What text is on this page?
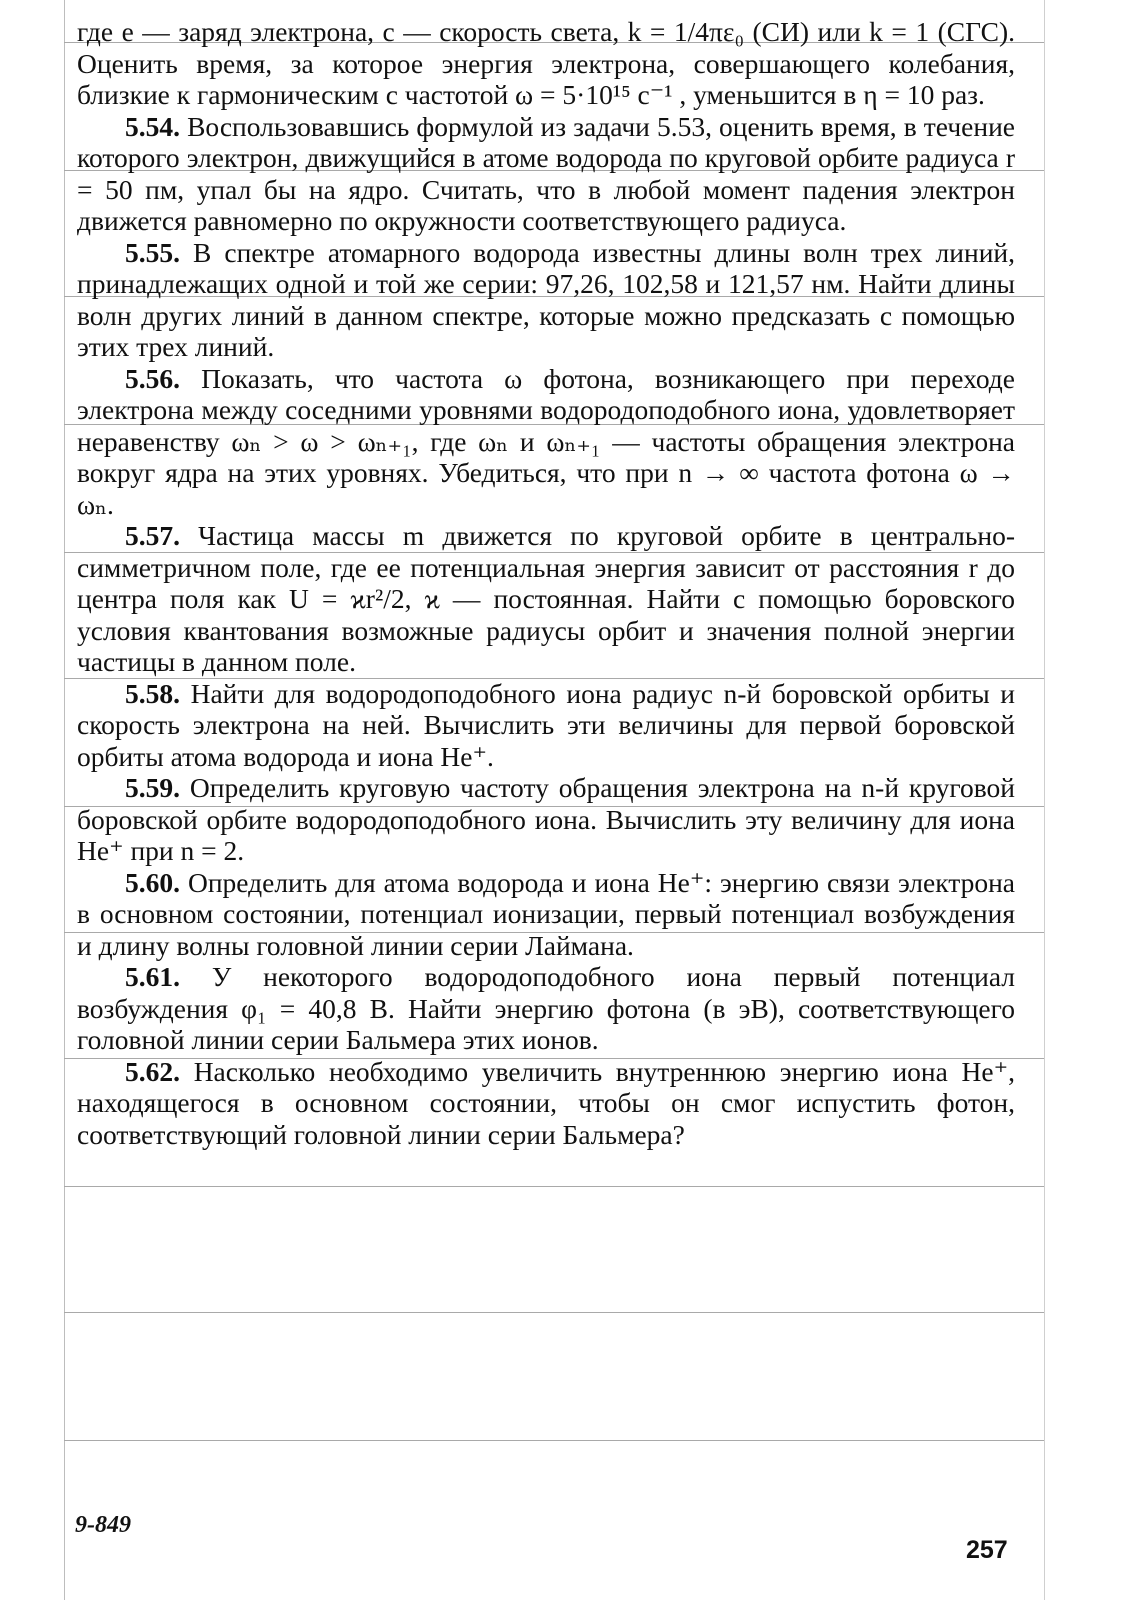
где e — заряд электрона, c — скорость света, k = 1/4πε₀ (СИ) или k = 1 (СГС). Оценить время, за которое энергия электрона, совершающего колебания, близкие к гармоническим с частотой ω = 5·10¹⁵ с⁻¹ , уменьшится в η = 10 раз.

5.54. Воспользовавшись формулой из задачи 5.53, оценить время, в течение которого электрон, движущийся в атоме водорода по круговой орбите радиуса r = 50 пм, упал бы на ядро. Считать, что в любой момент падения электрон движется равномерно по окружности соответствующего радиуса.

5.55. В спектре атомарного водорода известны длины волн трех линий, принадлежащих одной и той же серии: 97,26, 102,58 и 121,57 нм. Найти длины волн других линий в данном спектре, которые можно предсказать с помощью этих трех линий.

5.56. Показать, что частота ω фотона, возникающего при переходе электрона между соседними уровнями водородоподобного иона, удовлетворяет неравенству ωₙ > ω > ωₙ₊₁, где ωₙ и ωₙ₊₁ — частоты обращения электрона вокруг ядра на этих уровнях. Убедиться, что при n → ∞ частота фотона ω → ωₙ.

5.57. Частица массы m движется по круговой орбите в центрально-симметричном поле, где ее потенциальная энергия зависит от расстояния r до центра поля как U = ϰr²/2, ϰ — постоянная. Найти с помощью боровского условия квантования возможные радиусы орбит и значения полной энергии частицы в данном поле.

5.58. Найти для водородоподобного иона радиус n-й боровской орбиты и скорость электрона на ней. Вычислить эти величины для первой боровской орбиты атома водорода и иона He⁺.

5.59. Определить круговую частоту обращения электрона на n-й круговой боровской орбите водородоподобного иона. Вычислить эту величину для иона He⁺ при n = 2.

5.60. Определить для атома водорода и иона He⁺: энергию связи электрона в основном состоянии, потенциал ионизации, первый потенциал возбуждения и длину волны головной линии серии Лаймана.

5.61. У некоторого водородоподобного иона первый потенциал возбуждения φ₁ = 40,8 В. Найти энергию фотона (в эВ), соответствующего головной линии серии Бальмера этих ионов.

5.62. Насколько необходимо увеличить внутреннюю энергию иона He⁺, находящегося в основном состоянии, чтобы он смог испустить фотон, соответствующий головной линии серии Бальмера?

9-849
257
